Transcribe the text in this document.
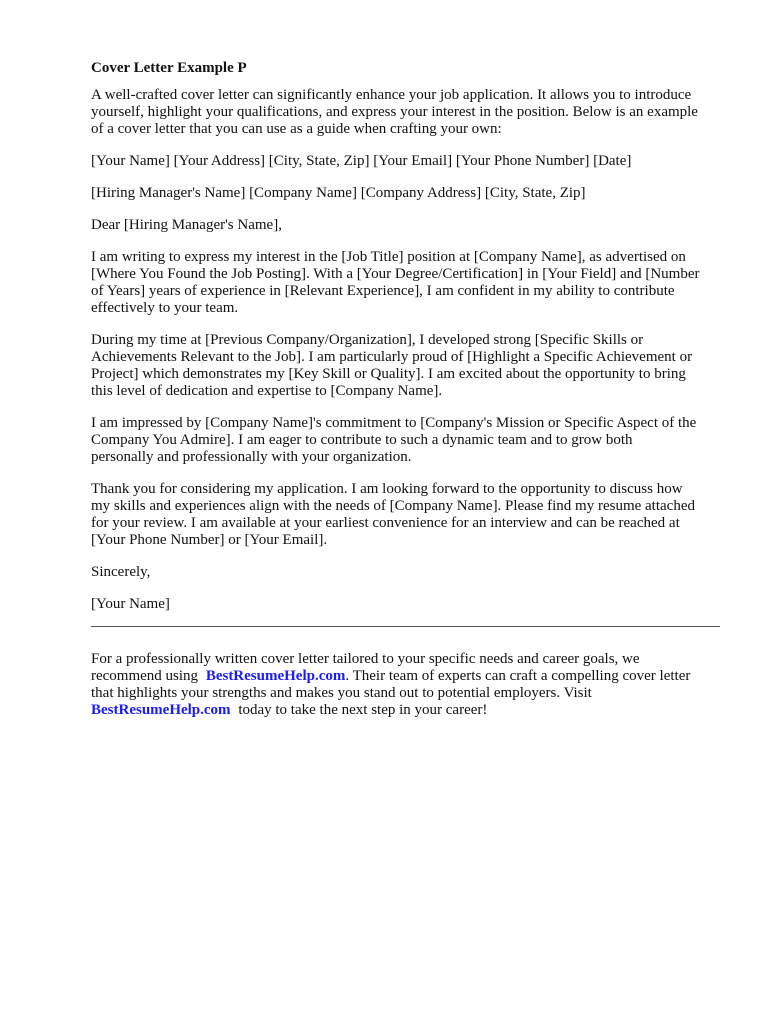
Cover Letter Example P
A well-crafted cover letter can significantly enhance your job application. It allows you to introduce
yourself, highlight your qualifications, and express your interest in the position. Below is an example
of a cover letter that you can use as a guide when crafting your own:
[Your Name] [Your Address] [City, State, Zip] [Your Email] [Your Phone Number] [Date]
[Hiring Manager's Name] [Company Name] [Company Address] [City, State, Zip]
Dear [Hiring Manager's Name],
I am writing to express my interest in the [Job Title] position at [Company Name], as advertised on
[Where You Found the Job Posting]. With a [Your Degree/Certification] in [Your Field] and [Number
of Years] years of experience in [Relevant Experience], I am confident in my ability to contribute
effectively to your team.
During my time at [Previous Company/Organization], I developed strong [Specific Skills or
Achievements Relevant to the Job]. I am particularly proud of [Highlight a Specific Achievement or
Project] which demonstrates my [Key Skill or Quality]. I am excited about the opportunity to bring
this level of dedication and expertise to [Company Name].
I am impressed by [Company Name]'s commitment to [Company's Mission or Specific Aspect of the
Company You Admire]. I am eager to contribute to such a dynamic team and to grow both
personally and professionally with your organization.
Thank you for considering my application. I am looking forward to the opportunity to discuss how
my skills and experiences align with the needs of [Company Name]. Please find my resume attached
for your review. I am available at your earliest convenience for an interview and can be reached at
[Your Phone Number] or [Your Email].
Sincerely,
[Your Name]
For a professionally written cover letter tailored to your specific needs and career goals, we
recommend using BestResumeHelp.com. Their team of experts can craft a compelling cover letter
that highlights your strengths and makes you stand out to potential employers. Visit
BestResumeHelp.com today to take the next step in your career!
